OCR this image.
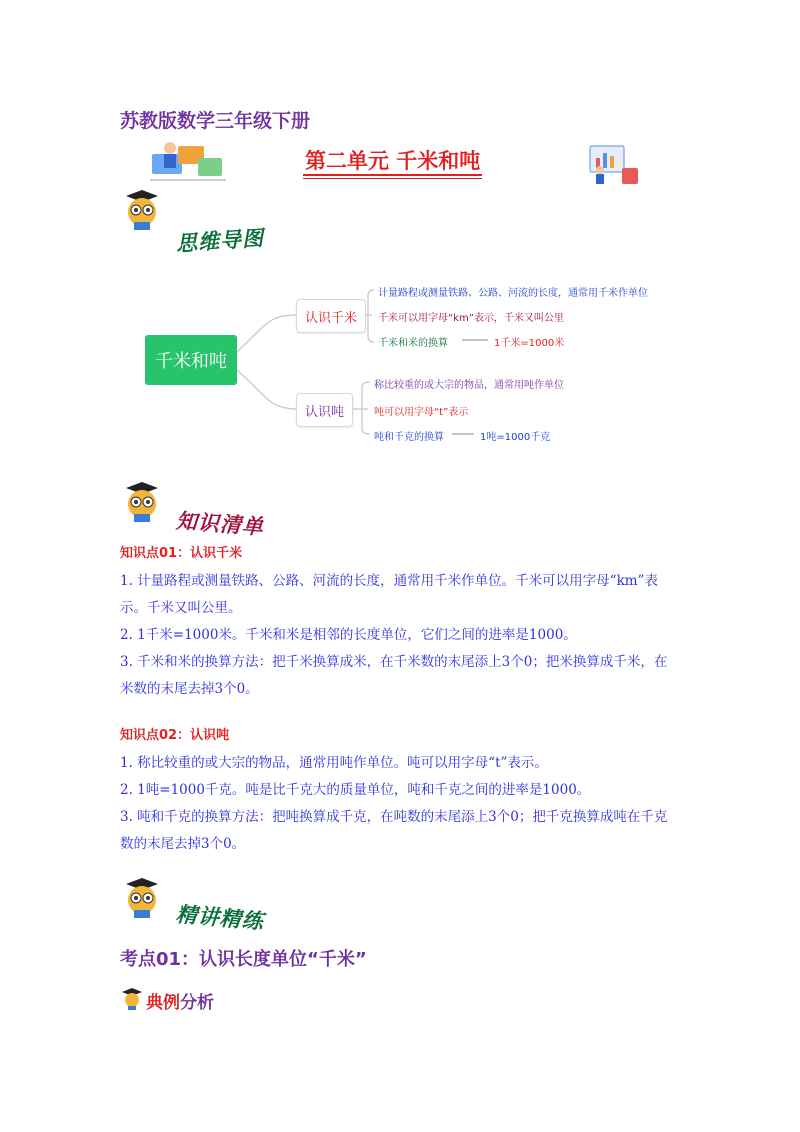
苏教版数学三年级下册
第二单元 千米和吨
思维导图
千米和吨
认识千米
认识吨
计量路程或测量铁路、公路、河流的长度，通常用千米作单位
千米可以用字母“km”表示，千米又叫公里
千米和米的换算	1千米=1000米
称比较重的或大宗的物品，通常用吨作单位
吨可以用字母“t”表示
吨和千克的换算	1吨=1000千克
知识清单
知识点01：认识千米

1. 计量路程或测量铁路、公路、河流的长度，通常用千米作单位。千米可以用字母“km”表示。千米又叫公里。

2. 1千米=1000米。千米和米是相邻的长度单位，它们之间的进率是1000。

3. 千米和米的换算方法：把千米换算成米，在千米数的末尾添上3个0；把米换算成千米，在米数的末尾去掉3个0。

知识点02：认识吨

1. 称比较重的或大宗的物品，通常用吨作单位。吨可以用字母“t”表示。

2. 1吨=1000千克。吨是比千克大的质量单位，吨和千克之间的进率是1000。

3. 吨和千克的换算方法：把吨换算成千克，在吨数的末尾添上3个0；把千克换算成吨在千克数的末尾去掉3个0。

精讲精练
考点01：认识长度单位“千米”
典例分析
